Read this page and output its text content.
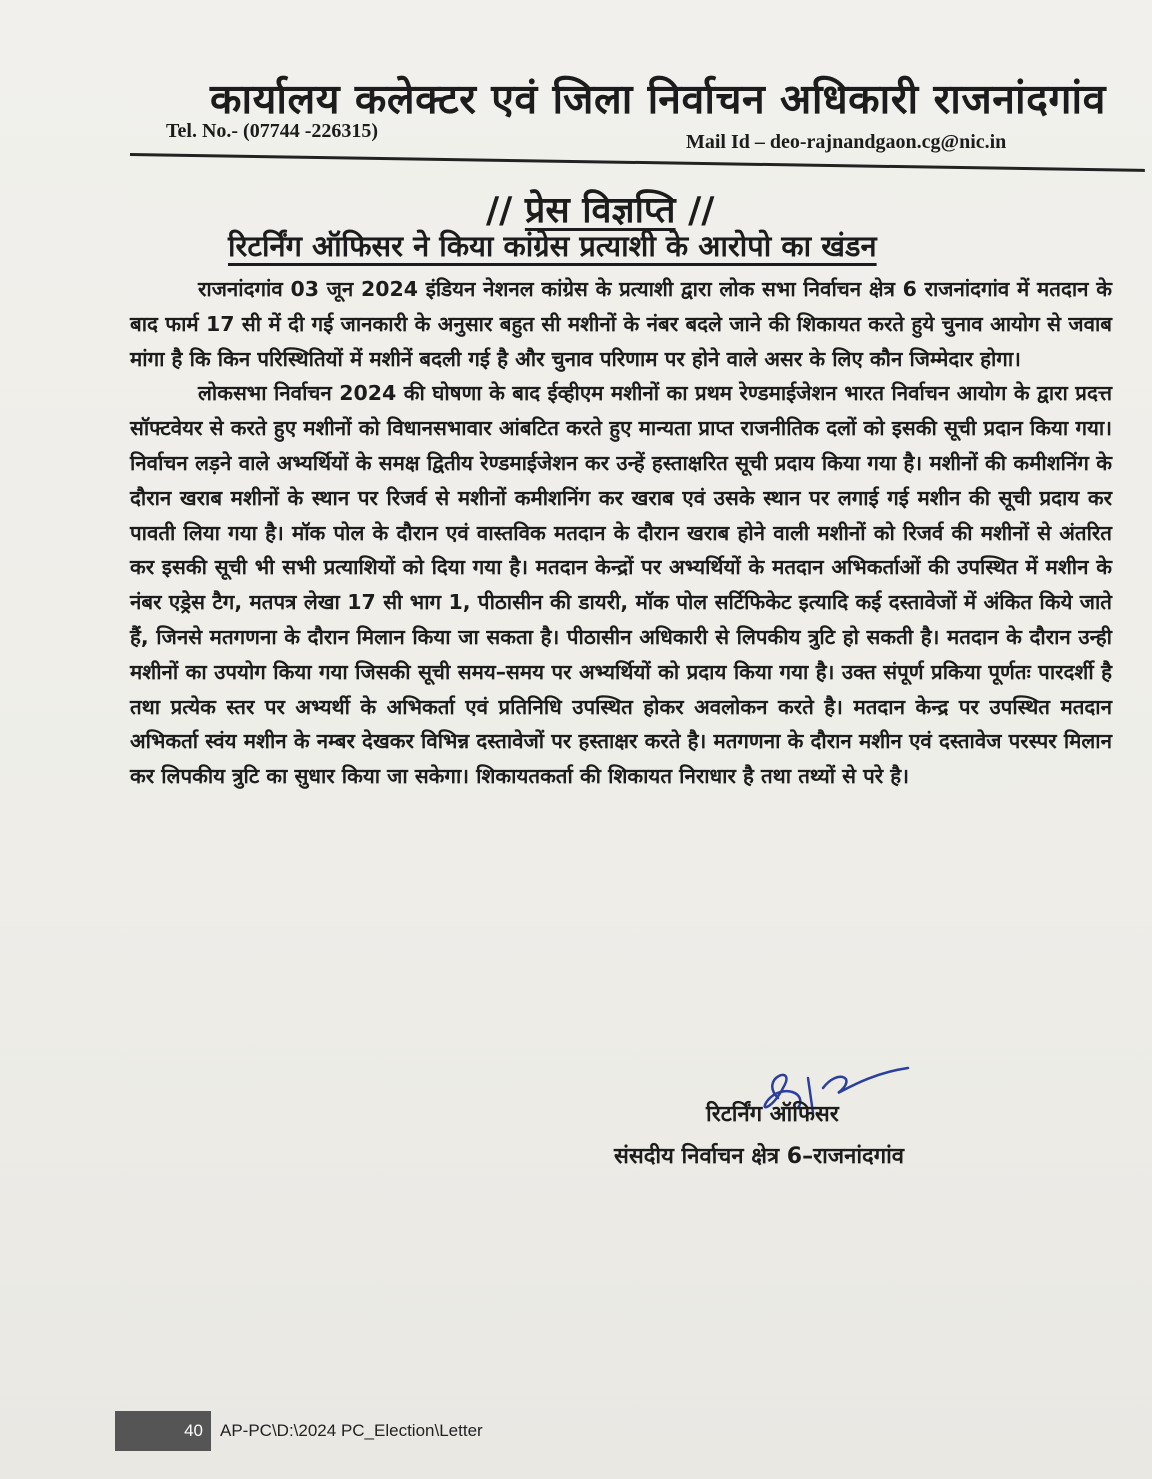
कार्यालय कलेक्टर एवं जिला निर्वाचन अधिकारी राजनांदगांव
Tel. No.- (07744 -226315)	Mail Id – deo-rajnandgaon.cg@nic.in
// प्रेस विज्ञप्ति //
रिटर्निंग ऑफिसर ने किया कांग्रेस प्रत्याशी के आरोपो का खंडन

राजनांदगांव 03 जून 2024 इंडियन नेशनल कांग्रेस के प्रत्याशी द्वारा लोक सभा निर्वाचन क्षेत्र 6 राजनांदगांव में मतदान के बाद फार्म 17 सी में दी गई जानकारी के अनुसार बहुत सी मशीनों के नंबर बदले जाने की शिकायत करते हुये चुनाव आयोग से जवाब मांगा है कि किन परिस्थितियों में मशीनें बदली गई है और चुनाव परिणाम पर होने वाले असर के लिए कौन जिम्मेदार होगा।

लोकसभा निर्वाचन 2024 की घोषणा के बाद ईव्हीएम मशीनों का प्रथम रेण्डमाईजेशन भारत निर्वाचन आयोग के द्वारा प्रदत्त सॉफ्टवेयर से करते हुए मशीनों को विधानसभावार आंबटित करते हुए मान्यता प्राप्त राजनीतिक दलों को इसकी सूची प्रदान किया गया। निर्वाचन लड़ने वाले अभ्यर्थियों के समक्ष द्वितीय रेण्डमाईजेशन कर उन्हें हस्ताक्षरित सूची प्रदाय किया गया है। मशीनों की कमीशनिंग के दौरान खराब मशीनों के स्थान पर रिजर्व से मशीनों कमीशनिंग कर खराब एवं उसके स्थान पर लगाई गई मशीन की सूची प्रदाय कर पावती लिया गया है। मॉक पोल के दौरान एवं वास्तविक मतदान के दौरान खराब होने वाली मशीनों को रिजर्व की मशीनों से अंतरित कर इसकी सूची भी सभी प्रत्याशियों को दिया गया है। मतदान केन्द्रों पर अभ्यर्थियों के मतदान अभिकर्ताओं की उपस्थित में मशीन के नंबर एड्रेस टैग, मतपत्र लेखा 17 सी भाग 1, पीठासीन की डायरी, मॉक पोल सर्टिफिकेट इत्यादि कई दस्तावेजों में अंकित किये जाते हैं, जिनसे मतगणना के दौरान मिलान किया जा सकता है। पीठासीन अधिकारी से लिपकीय त्रुटि हो सकती है। मतदान के दौरान उन्ही मशीनों का उपयोग किया गया जिसकी सूची समय–समय पर अभ्यर्थियों को प्रदाय किया गया है। उक्त संपूर्ण प्रकिया पूर्णतः पारदर्शी है तथा प्रत्येक स्तर पर अभ्यर्थी के अभिकर्ता एवं प्रतिनिधि उपस्थित होकर अवलोकन करते है। मतदान केन्द्र पर उपस्थित मतदान अभिकर्ता स्वंय मशीन के नम्बर देखकर विभिन्न दस्तावेजों पर हस्ताक्षर करते है। मतगणना के दौरान मशीन एवं दस्तावेज परस्पर मिलान कर लिपकीय त्रुटि का सुधार किया जा सकेगा। शिकायतकर्ता की शिकायत निराधार है तथा तथ्यों से परे है।

रिटर्निंग ऑफिसर
संसदीय निर्वाचन क्षेत्र 6–राजनांदगांव
40 AP-PC\D:\2024 PC_Election\Letter
